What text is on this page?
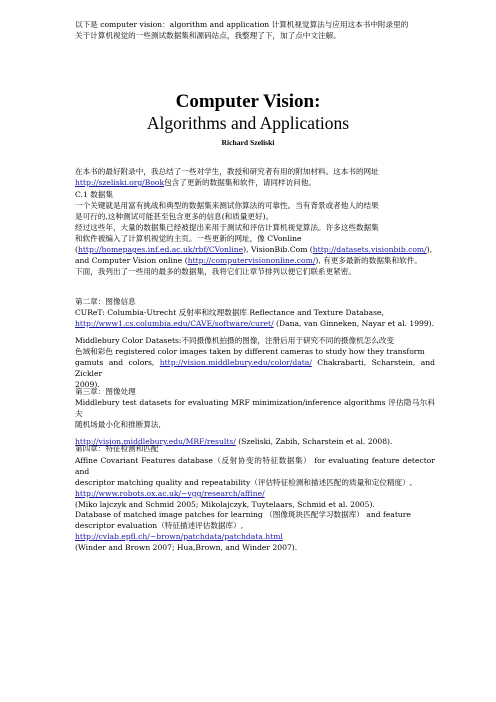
以下是 computer vision：algorithm and application 计算机视觉算法与应用这本书中附录里的
关于计算机视觉的一些测试数据集和源码站点，我整理了下，加了点中文注解。

Computer Vision:
Algorithms and Applications
Richard Szeliski

在本书的最好附录中，我总结了一些对学生，教授和研究者有用的附加材料。这本书的网址
http://szeliski.org/Book包含了更新的数据集和软件，请同样访问他。

C.1 数据集
一个关键就是用富有挑战和典型的数据集来测试你算法的可靠性。当有背景或者他人的结果
是可行的,这种测试可能甚至包含更多的信息(和质量更好)。
经过这些年，大量的数据集已经被提出来用于测试和评估计算机视觉算法。许多这些数据集
和软件被编入了计算机视觉的主页。一些更新的网址，像 CVonline
(http://homepages.inf.ed.ac.uk/rbf/CVonline), VisionBib.Com (http://datasets.visionbib.com/),
and Computer Vision online (http://computervisiononline.com/), 有更多最新的数据集和软件。
下面，我列出了一些用的最多的数据集，我将它们让章节排列以便它们联系更紧密。

第二章：图像信息

CUReT: Columbia-Utrecht 反射率和纹理数据库 Reflectance and Texture Database,
http://www1.cs.columbia.edu/CAVE/software/curet/ (Dana, van Ginneken, Nayar et al. 1999).

Middlebury Color Datasets:不同摄像机拍摄的图像，注册后用于研究不同的摄像机怎么改变
色域和彩色 registered color images taken by different cameras to study how they transform
gamuts and colors, http://vision.middlebury.edu/color/data/ Chakrabarti, Scharstein, and Zickler
2009).

第三章：图像处理

Middlebury test datasets for evaluating MRF minimization/inference algorithms 评估隐马尔科夫
随机场最小化和推断算法,
http://vision.middlebury.edu/MRF/results/ (Szeliski, Zabih, Scharstein et al. 2008).

第四章：特征检测和匹配

Affine Covariant Features database（反射协变的特征数据集） for evaluating feature detector and
descriptor matching quality and repeatability（评估特征检测和描述匹配的质量和定位精度）,
http://www.robots.ox.ac.uk/~vgg/research/affine/
(Miko lajczyk and Schmid 2005; Mikolajczyk, Tuytelaars, Schmid et al. 2005).

Database of matched image patches for learning （图像斑块匹配学习数据库） and feature
descriptor evaluation（特征描述评估数据库）,
http://cvlab.epfl.ch/~brown/patchdata/patchdata.html
(Winder and Brown 2007; Hua,Brown, and Winder 2007).
